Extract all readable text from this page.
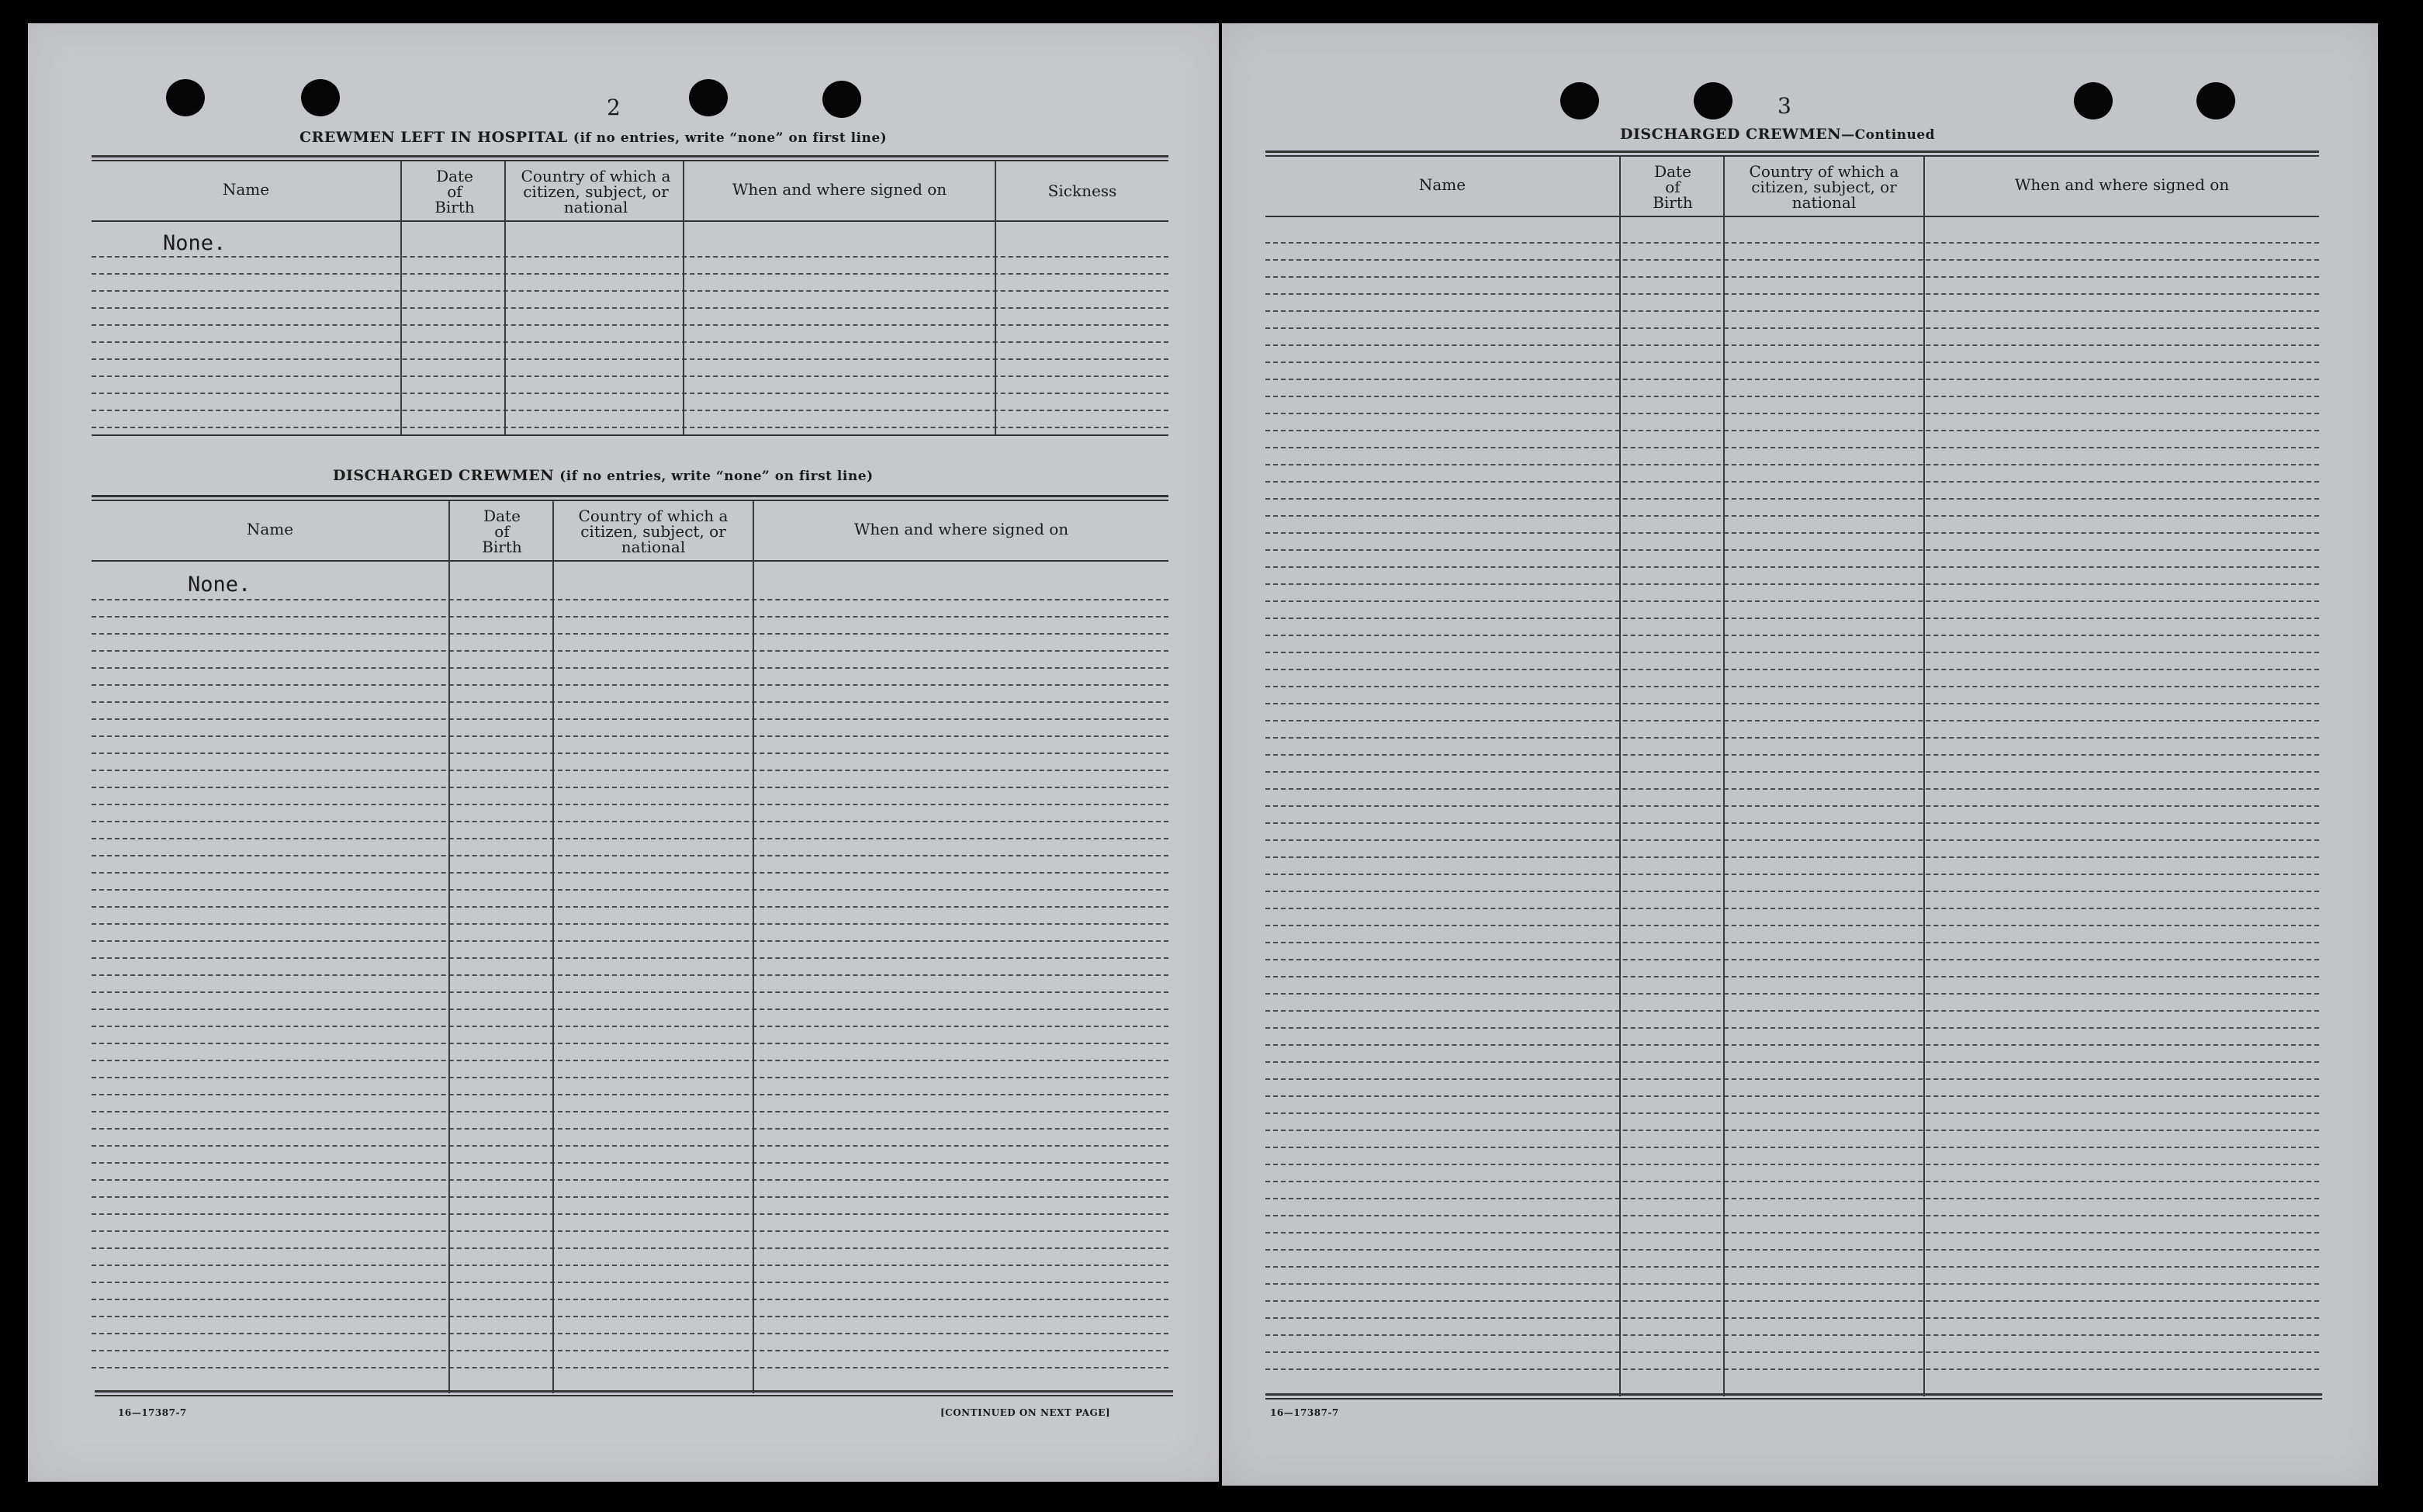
2
CREWMEN LEFT IN HOSPITAL (if no entries, write “none” on first line)
Name
Date
of
Birth
Country of which a
citizen, subject, or
national
When and where signed on	Sickness
None.
DISCHARGED CREWMEN (if no entries, write “none” on first line)
Name
Date
of
Birth
Country of which a
citizen, subject, or
national
When and where signed on
None.
16—17387-7	[CONTINUED ON NEXT PAGE]
3
DISCHARGED CREWMEN—Continued
Name
Date
of
Birth
Country of which a
citizen, subject, or
national
When and where signed on
16—17387-7
